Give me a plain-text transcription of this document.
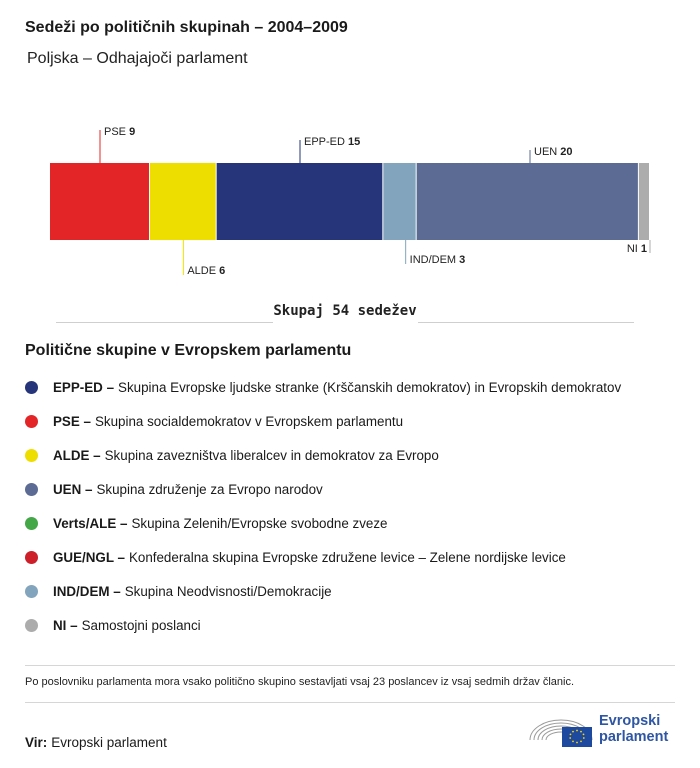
Sedeži po političnih skupinah – 2004–2009
Poljska – Odhajajoči parlament
PSE 9
ALDE 6
EPP-ED 15
IND/DEM 3
UEN 20
NI 1
Skupaj 54 sedežev
Politične skupine v Evropskem parlamentu
EPP-ED – Skupina Evropske ljudske stranke (Krščanskih demokratov) in Evropskih demokratov
PSE – Skupina socialdemokratov v Evropskem parlamentu
ALDE – Skupina zavezništva liberalcev in demokratov za Evropo
UEN – Skupina združenje za Evropo narodov
Verts/ALE – Skupina Zelenih/Evropske svobodne zveze
GUE/NGL – Konfederalna skupina Evropske združene levice – Zelene nordijske levice
IND/DEM – Skupina Neodvisnosti/Demokracije
NI – Samostojni poslanci
Po poslovniku parlamenta mora vsako politično skupino sestavljati vsaj 23 poslancev iz vsaj sedmih držav članic.
Vir: Evropski parlament
Evropski
parlament
